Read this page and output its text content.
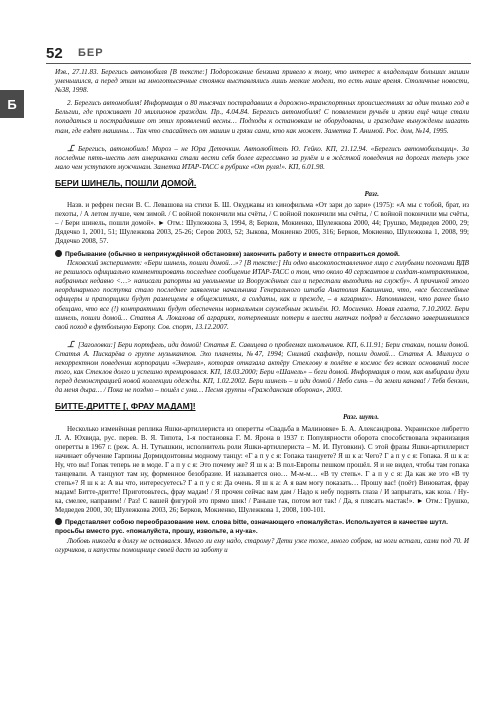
52	БЕР
Б

Изв., 27.11.83. Берегись автомобиля [В тексте:] Подорожание бензина привело к тому, что интерес к владельцам больших машин уменьшился, а перед этим на многотысячные стоянки выставлялись лишь мелкие модели, то есть наше время. Столичные новости, №38, 1998.

2. Берегись автомобиля! Информация о 80 тысячах пострадавших в дорожно-транспортных происшествиях за один только год в Бельгии, где проживает 10 миллионов граждан. Пр., 4.04.84. Берегись автомобиля! С появлением ручьёв и грязи ещё чаще стали попадаться и пострадавшие от этих проявлений весны… Подходы к остановкам не оборудованы, и граждане вынуждены шагать там, где ездят машины… Так что спасайтесь от машин и грязи сами, кто как может. Заметка Т. Анимой. Рос. дом, №14, 1995.

⊥̄ Берегись, автомобиль! Мороз – не Юра Деточкин. Автолюбітель Ю. Гейко. КП, 21.12.94. «Берегись автомобильщиц». За последние пять-шесть лет американки стали вести себя более агрессивно за рулём и в жёсткой поведения на дорогах теперь уже мало чем уступают мужчинам. Заметка ИТАР-ТАСС в рубрике «От руля!». КП, 6.01.98.

БЕРИ ШИНЕЛЬ, ПОШЛИ ДОМОЙ.
Разг.

Назв. и рефрен песни В. С. Левашова на стихи Б. Ш. Окуджавы из кинофильма «От зари до зари» (1975): «А мы с тобой, брат, из пехоты, / А летом лучше, чем зимой. / С войной покончили мы счёты, / С войной покончили мы счёты, / С войной покончили мы счёты, – / Бери шинель, пошли домой». ► Отм.: Шулежкова 3, 1994, 8; Берков, Мокиенко, Шулежкова 2000, 44; Грушко, Медведев 2000, 29; Дядечко 1, 2001, 51; Шулежкова 2003, 25-26; Серов 2003, 52; Зыкова, Мокиенко 2005, 316; Берков, Мокиенко, Шулежкова 1, 2008, 99; Дядечко 2008, 57.

Пребывание (обычно в непринуждённой обстановке) закончить работу и вместе отправиться домой.

Псковский эксперимент: «Бери шинель, пошли домой…»? [В тексте:] Ни одно высокопоставленное лицо с голубыми погонами ВДВ не решилось официально комментировать последнее сообщение ИТАР-ТАСС о том, что около 40 сержантов и солдат-контрактников, набранных недавно <…> написали рапорты на увольнение из Вооружённых сил и перестали выходить на службу». А причиной этого неординарного поступка стало последнее заявление начальника Генерального штаба Анатолия Квашнина, что, «все бессемейные офицеры и прапорщики будут размещены в общежитиях, а солдаты, как и прежде, – в казармах». Напоминаем, что ранее было обещано, что все (!) контрактники будут обеспечены нормальным служебным жильём. Ю. Мосиенко. Новая газета, 7.10.2002. Бери шинель, пошли домой… Статья А. Локалова об аграриях, потерпевших потери в шести матчах подряд и бесславно завершившихся свой поход в футбольную Европу. Сов. спорт, 13.12.2007.

⊥̄ [Заголовки:] Бери портфель, иди домой! Статья Е. Савицева о проблемах школьников. КП, 6.11.91; Бери стакан, пошли домой. Статья А. Пискарёва о группе музыкантов. Эхо планеты, №47, 1994; Снимай скафандр, пошли домой… Статья А. Милиуса о некорректном поведении корпорации «Энергия», которая отказала актёру Стеклову в полёте в космос без всяких оснований после того, как Стеклов долго и успешно тренировался. КП, 18.03.2000; Бери «Шанель» – беги домой. Информация о том, как выбирали духи перед демонстрацией новой коллекции одежды. КП, 1.02.2002. Бери шинель – и иди домой / Небо синь – да земли канава! / Тебя бензин, да меня дыра… / Пока не поздно – пошёл с ума… Песня группы «Гражданская оборона», 2003.

БИТТЕ-ДРИТТЕ [, ФРАУ МАДАМ]!
Разг. шутл.

Несколько изменённая реплика Яшки-артиллериста из оперетты «Свадьба в Малиновке» Б. А. Александрова. Украинское либретто Л. А. Юхвида, рус. перев. В. Я. Типота, 1-я постановка Г. М. Ярона в 1937 г. Популярности оборота способствовала экранизация оперетты в 1967 г. (реж. А. Н. Тутышкин, исполнитель роли Яшки-артиллериста – М. И. Пуговкин). С этой фразы Яшки-артиллерист начинает обучение Гарпины Дормидонтовны модному танцу: «Г а п у с я: Гопака танцуете? Я ш к а: Чего? Г а п у с я: Гопака. Я ш к а: Ну, что вы! Гопак теперь не в моде. Г а п у с я: Это почему же? Я ш к а: В пол-Европы пешком прошёл. Я и не видел, чтобы там гопака танцевали. А танцуют там ну, форменное безобразие. И называется оно… М-м-м… «В ту степь». Г а п у с я: Да как же это «В ту степь»? Я ш к а: А вы что, интересуетесь? Г а п у с я: Да очень. Я ш к а: А я вам могу показать… Прошу вас! (поёт) Виноватая, фрау мадам! Битте-дритте! Приготовьтесь, фрау мадам! / Я прочен сейчас вам дам / Надо к небу поднять глаза / И запрыгать, как коза. / Ну-ка, смелее, направим! / Раз! С вашей фигурой это прямо шик! / Раньше так, потом вот так! / Да, я плясать мастак!». ► Отм.: Грушко, Медведев 2000, 30; Шулежкова 2003, 26; Берков, Мокиенко, Шулежкова 1, 2008, 100-101.

Представляет собою переобразование нем. слова bitte, означающего «пожалуйста». Используется в качестве шутл. просьбы вместо рус. «пожалуйста, прошу, извольте, а ну-ка».

Любовь никогда в долгу не оставался. Много ли ему надо, старому? Дети уже тоже, много собрав, на ноги встали, сами под 70. И огурчиков, и капусты помощнице своей даст за заботу и
